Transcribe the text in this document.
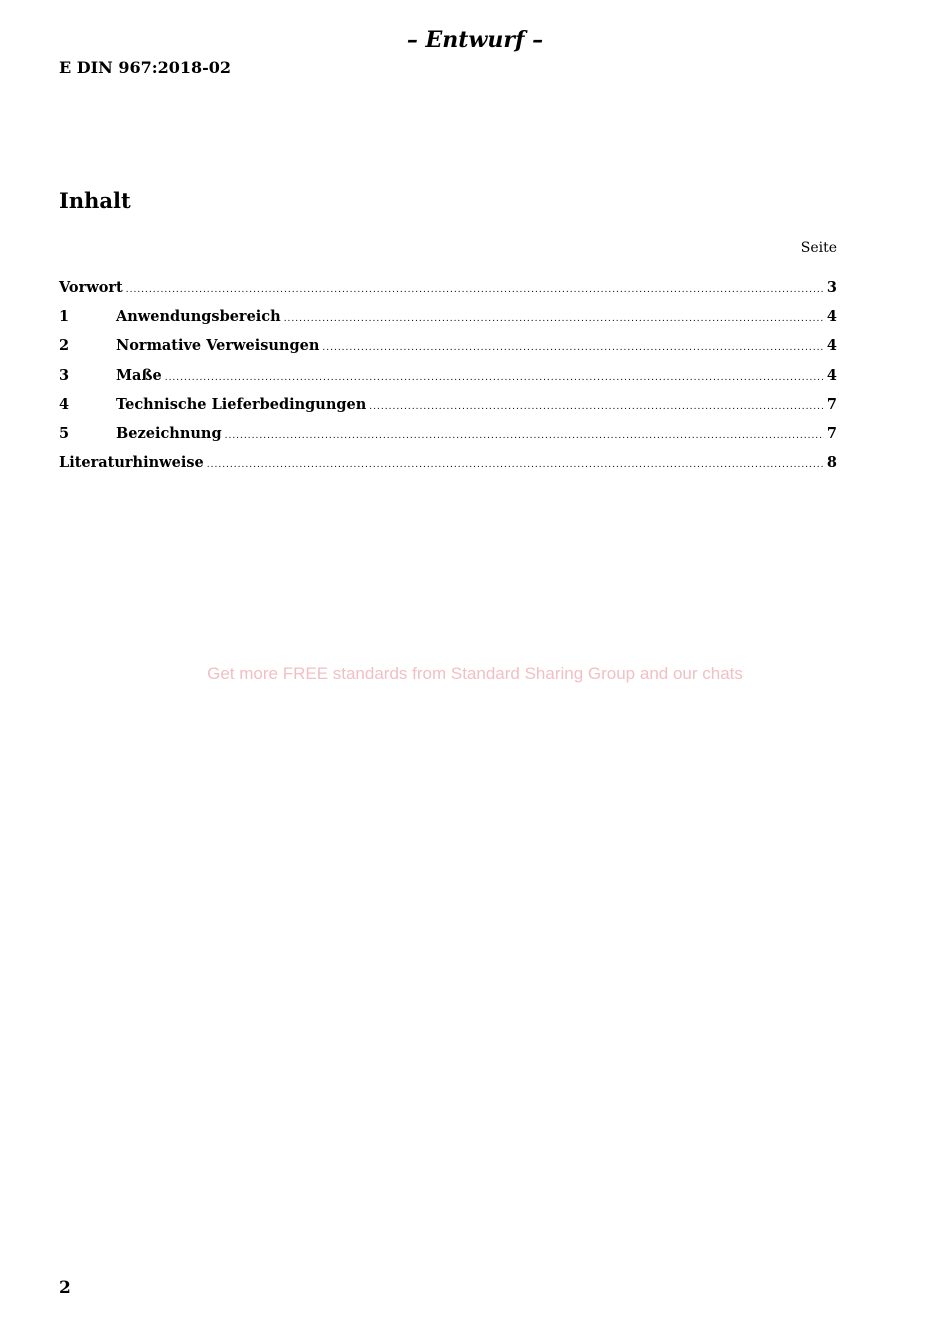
– Entwurf –
E DIN 967:2018-02
Inhalt
Seite
Vorwort .....	3
1	Anwendungsbereich .....	4
2	Normative Verweisungen .....	4
3	Maße .....	4
4	Technische Lieferbedingungen .....	7
5	Bezeichnung .....	7
Literaturhinweise .....	8
Get more FREE standards from Standard Sharing Group and our chats
2
